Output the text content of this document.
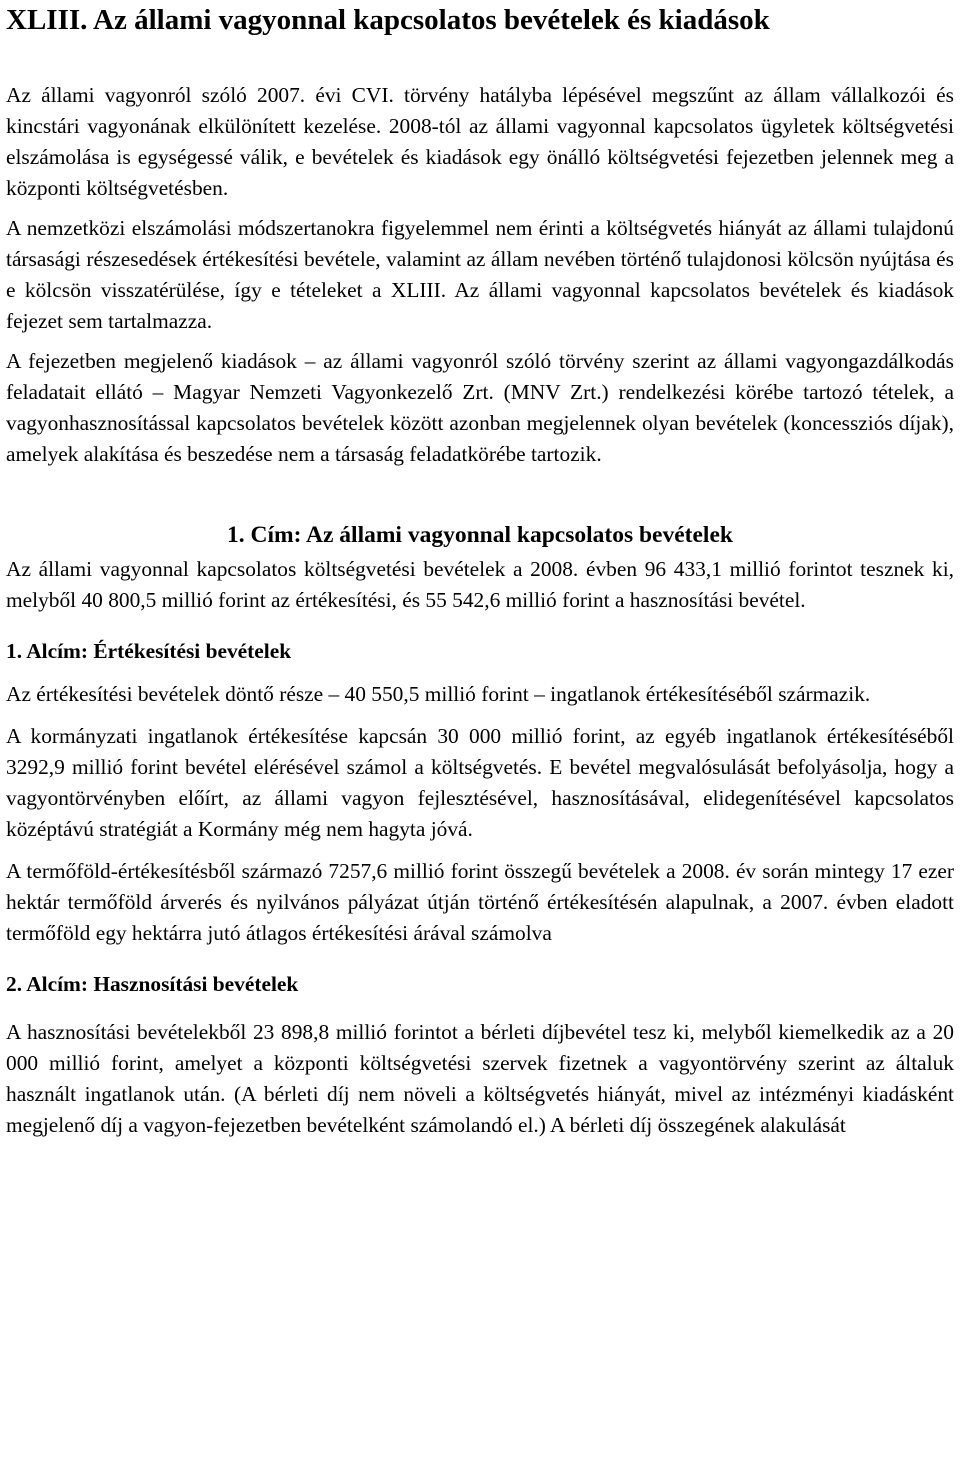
XLIII. Az állami vagyonnal kapcsolatos bevételek és kiadások

Az állami vagyonról szóló 2007. évi CVI. törvény hatályba lépésével megszűnt az állam vállalkozói és kincstári vagyonának elkülönített kezelése. 2008-tól az állami vagyonnal kapcsolatos ügyletek költségvetési elszámolása is egységessé válik, e bevételek és kiadások egy önálló költségvetési fejezetben jelennek meg a központi költségvetésben.

A nemzetközi elszámolási módszertanokra figyelemmel nem érinti a költségvetés hiányát az állami tulajdonú társasági részesedések értékesítési bevétele, valamint az állam nevében történő tulajdonosi kölcsön nyújtása és e kölcsön visszatérülése, így e tételeket a XLIII. Az állami vagyonnal kapcsolatos bevételek és kiadások fejezet sem tartalmazza.

A fejezetben megjelenő kiadások – az állami vagyonról szóló törvény szerint az állami vagyongazdálkodás feladatait ellátó – Magyar Nemzeti Vagyonkezelő Zrt. (MNV Zrt.) rendelkezési körébe tartozó tételek, a vagyonhasznosítással kapcsolatos bevételek között azonban megjelennek olyan bevételek (koncessziós díjak), amelyek alakítása és beszedése nem a társaság feladatkörébe tartozik.

1. Cím: Az állami vagyonnal kapcsolatos bevételek

Az állami vagyonnal kapcsolatos költségvetési bevételek a 2008. évben 96 433,1 millió forintot tesznek ki, melyből 40 800,5 millió forint az értékesítési, és 55 542,6 millió forint a hasznosítási bevétel.

1. Alcím: Értékesítési bevételek

Az értékesítési bevételek döntő része – 40 550,5 millió forint – ingatlanok értékesítéséből származik.

A kormányzati ingatlanok értékesítése kapcsán 30 000 millió forint, az egyéb ingatlanok értékesítéséből 3292,9 millió forint bevétel elérésével számol a költségvetés. E bevétel megvalósulását befolyásolja, hogy a vagyontörvényben előírt, az állami vagyon fejlesztésével, hasznosításával, elidegenítésével kapcsolatos középtávú stratégiát a Kormány még nem hagyta jóvá.

A termőföld-értékesítésből származó 7257,6 millió forint összegű bevételek a 2008. év során mintegy 17 ezer hektár termőföld árverés és nyilvános pályázat útján történő értékesítésén alapulnak, a 2007. évben eladott termőföld egy hektárra jutó átlagos értékesítési árával számolva

2. Alcím: Hasznosítási bevételek

A hasznosítási bevételekből 23 898,8 millió forintot a bérleti díjbevétel tesz ki, melyből kiemelkedik az a 20 000 millió forint, amelyet a központi költségvetési szervek fizetnek a vagyontörvény szerint az általuk használt ingatlanok után. (A bérleti díj nem növeli a költségvetés hiányát, mivel az intézményi kiadásként megjelenő díj a vagyon-fejezetben bevételként számolandó el.) A bérleti díj összegének alakulását
